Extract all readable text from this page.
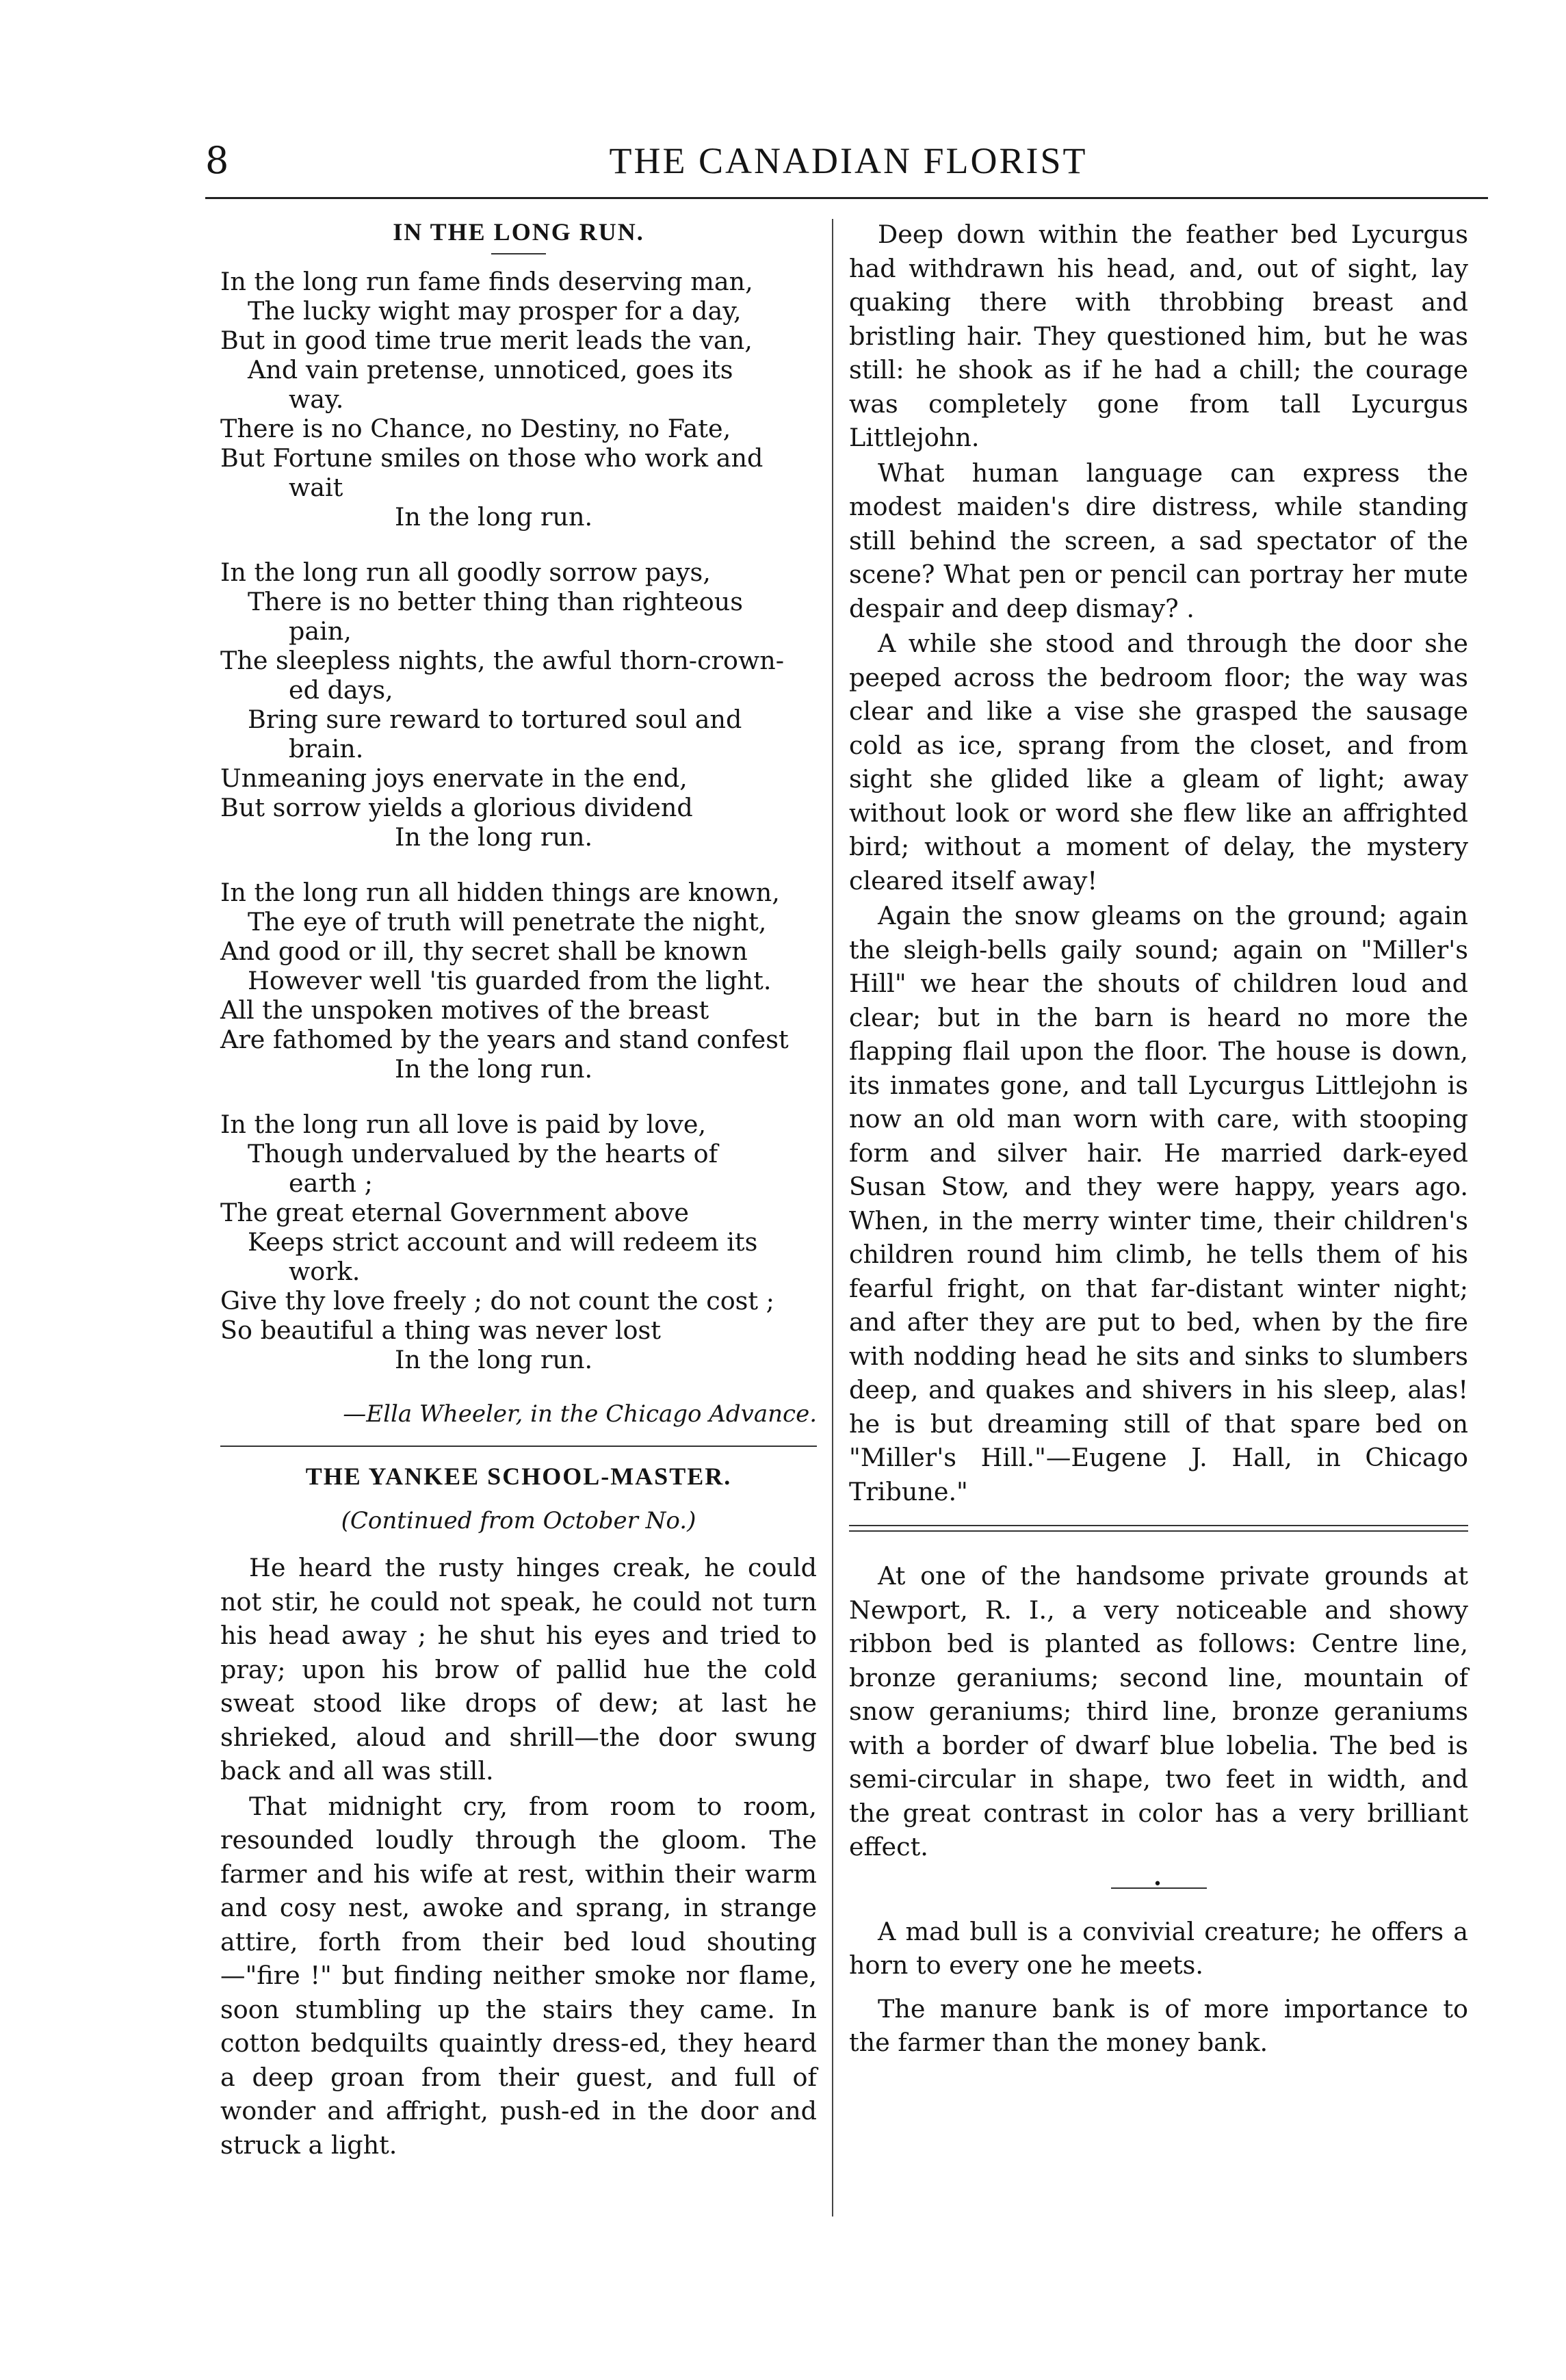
8	THE CANADIAN FLORIST
IN THE LONG RUN.
In the long run fame finds deserving man,
The lucky wight may prosper for a day,
But in good time true merit leads the van,
And vain pretense, unnoticed, goes its
way.
There is no Chance, no Destiny, no Fate,
But Fortune smiles on those who work and
wait
In the long run.
In the long run all goodly sorrow pays,
There is no better thing than righteous
pain,
The sleepless nights, the awful thorn-crown-
ed days,
Bring sure reward to tortured soul and
brain.
Unmeaning joys enervate in the end,
But sorrow yields a glorious dividend
In the long run.
In the long run all hidden things are known,
The eye of truth will penetrate the night,
And good or ill, thy secret shall be known
However well 'tis guarded from the light.
All the unspoken motives of the breast
Are fathomed by the years and stand confest
In the long run.
In the long run all love is paid by love,
Though undervalued by the hearts of
earth ;
The great eternal Government above
Keeps strict account and will redeem its
work.
Give thy love freely ; do not count the cost ;
So beautiful a thing was never lost
In the long run.
—Ella Wheeler, in the Chicago Advance.
THE YANKEE SCHOOL-MASTER.
(Continued from October No.)
He heard the rusty hinges creak, he could not stir, he could not speak, he could not turn his head away ; he shut his eyes and tried to pray; upon his brow of pallid hue the cold sweat stood like drops of dew; at last he shrieked, aloud and shrill—the door swung back and all was still.
That midnight cry, from room to room, resounded loudly through the gloom. The farmer and his wife at rest, within their warm and cosy nest, awoke and sprang, in strange attire, forth from their bed loud shouting—"fire !" but finding neither smoke nor flame, soon stumbling up the stairs they came. In cotton bedquilts quaintly dress-ed, they heard a deep groan from their guest, and full of wonder and affright, push-ed in the door and struck a light.
Deep down within the feather bed Lycurgus had withdrawn his head, and, out of sight, lay quaking there with throbbing breast and bristling hair. They questioned him, but he was still: he shook as if he had a chill; the courage was completely gone from tall Lycurgus Littlejohn.
What human language can express the modest maiden's dire distress, while standing still behind the screen, a sad spectator of the scene? What pen or pencil can portray her mute despair and deep dismay? .
A while she stood and through the door she peeped across the bedroom floor; the way was clear and like a vise she grasped the sausage cold as ice, sprang from the closet, and from sight she glided like a gleam of light; away without look or word she flew like an affrighted bird; without a moment of delay, the mystery cleared itself away!
Again the snow gleams on the ground; again the sleigh-bells gaily sound; again on "Miller's Hill" we hear the shouts of children loud and clear; but in the barn is heard no more the flapping flail upon the floor. The house is down, its inmates gone, and tall Lycurgus Littlejohn is now an old man worn with care, with stooping form and silver hair. He married dark-eyed Susan Stow, and they were happy, years ago. When, in the merry winter time, their children's children round him climb, he tells them of his fearful fright, on that far-distant winter night; and after they are put to bed, when by the fire with nodding head he sits and sinks to slumbers deep, and quakes and shivers in his sleep, alas! he is but dreaming still of that spare bed on "Miller's Hill."—Eugene J. Hall, in Chicago Tribune."
At one of the handsome private grounds at Newport, R. I., a very noticeable and showy ribbon bed is planted as follows: Centre line, bronze geraniums; second line, mountain of snow geraniums; third line, bronze geraniums with a border of dwarf blue lobelia. The bed is semi-circular in shape, two feet in width, and the great contrast in color has a very brilliant effect.
•
A mad bull is a convivial creature; he offers a horn to every one he meets.
The manure bank is of more importance to the farmer than the money bank.
